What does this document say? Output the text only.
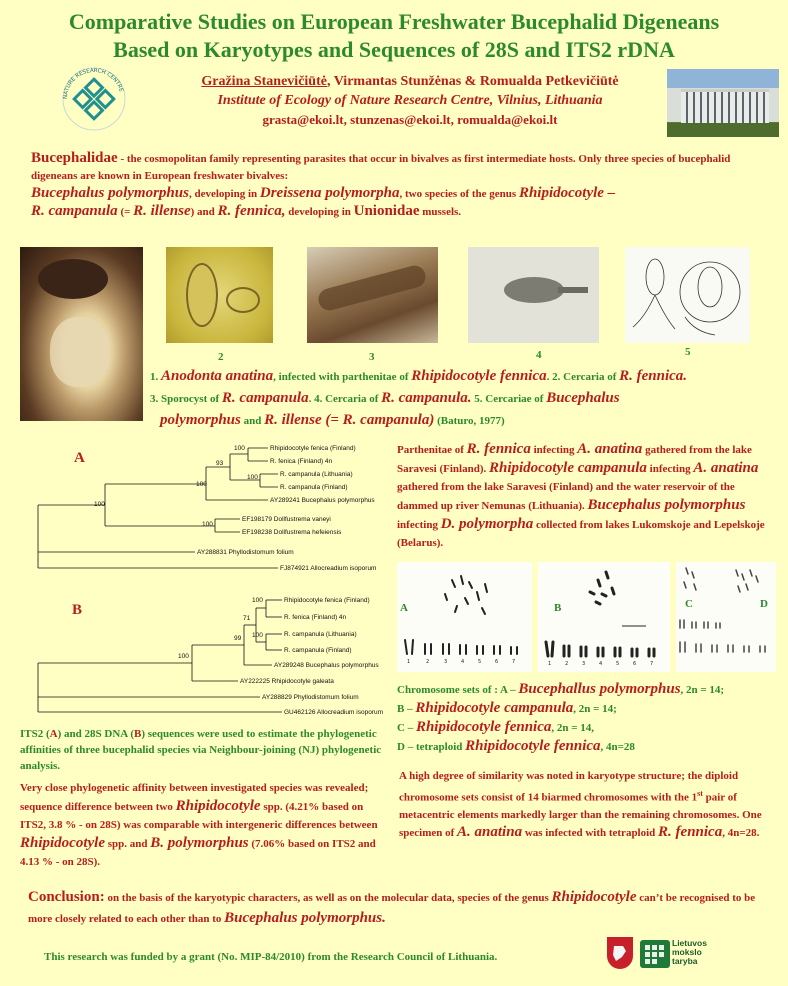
Comparative Studies on European Freshwater Bucephalid Digeneans
Based on Karyotypes and Sequences of 28S and ITS2 rDNA
NATURE RESEARCH CENTRE
Gražina Stanevičiūtė, Virmantas Stunžėnas & Romualda Petkevičiūtė
Institute of Ecology of Nature Research Centre, Vilnius, Lithuania
grasta@ekoi.lt, stunzenas@ekoi.lt, romualda@ekoi.lt
Bucephalidae - the cosmopolitan family representing parasites that occur in bivalves as first intermediate hosts. Only three species of bucephalid digeneans are known in European freshwater bivalves:
Bucephalus polymorphus, developing in Dreissena polymorpha, two species of the genus Rhipidocotyle –
R. campanula (= R. illense) and R. fennica, developing in Unionidae mussels.
2	3	4	5
1. Anodonta anatina, infected with parthenitae of Rhipidocotyle fennica. 2. Cercaria of R. fennica.
3. Sporocyst of R. campanula. 4. Cercaria of R. campanula. 5. Cercariae of Bucephalus
polymorphus and R. illense (= R. campanula) (Baturo, 1977)
A
Rhipidocotyle fenica (Finland)
R. fenica (Finland) 4n
R. campanula (Lithuania)
R. campanula (Finland)
AY289241 Bucephalus polymorphus
EF198179 Dollfustrema vaneyi
EF198238 Dollfustrema hefeiensis
AY288831 Phyllodistomum folium
FJ874921 Allocreadium isoporum
100
93
100
100
100
100
B
Rhipidocotyle fenica (Finland)
R. fenica (Finland) 4n
R. campanula (Lithuania)
R. campanula (Finland)
AY289248 Bucephalus polymorphus
AY222225 Rhipidocotyle galeata
AY288829 Phyllodistomum folium
GU462126 Allocreadium isoporum
100
71
100
99
100
ITS2 (A) and 28S DNA (B) sequences were used to estimate the phylogenetic affinities of three bucephalid species via Neighbour-joining (NJ) phylogenetic analysis.
Very close phylogenetic affinity between investigated species was revealed; sequence difference between two Rhipidocotyle spp. (4.21% based on ITS2, 3.8 % - on 28S) was comparable with intergeneric differences between Rhipidocotyle spp. and B. polymorphus (7.06% based on ITS2 and 4.13 % - on 28S).
Parthenitae of R. fennica infecting A. anatina gathered from the lake Saravesi (Finland). Rhipidocotyle campanula infecting A. anatina gathered from the lake Saravesi (Finland) and the water reservoir of the dammed up river Nemunas (Lithuania). Bucephalus polymorphus infecting D. polymorpha collected from lakes Lukomskoje and Lepelskoje (Belarus).
A
1	2	3	4	5	6	7
B
1	2	3	4	5	6	7
C	D
Chromosome sets of : A – Bucephallus polymorphus, 2n = 14;
B – Rhipidocotyle campanula, 2n = 14;
C – Rhipidocotyle fennica, 2n = 14,
D – tetraploid Rhipidocotyle fennica, 4n=28
A high degree of similarity was noted in karyotype structure; the diploid chromosome sets consist of 14 biarmed chromosomes with the 1st pair of metacentric elements markedly larger than the remaining chromosomes. One specimen of A. anatina was infected with tetraploid R. fennica, 4n=28.
Conclusion: on the basis of the karyotypic characters, as well as on the molecular data, species of the genus Rhipidocotyle can’t be recognised to be more closely related to each other than to Bucephalus polymorphus.
This research was funded by a grant (No. MIP-84/2010) from the Research Council of Lithuania.
Lietuvos mokslo taryba
